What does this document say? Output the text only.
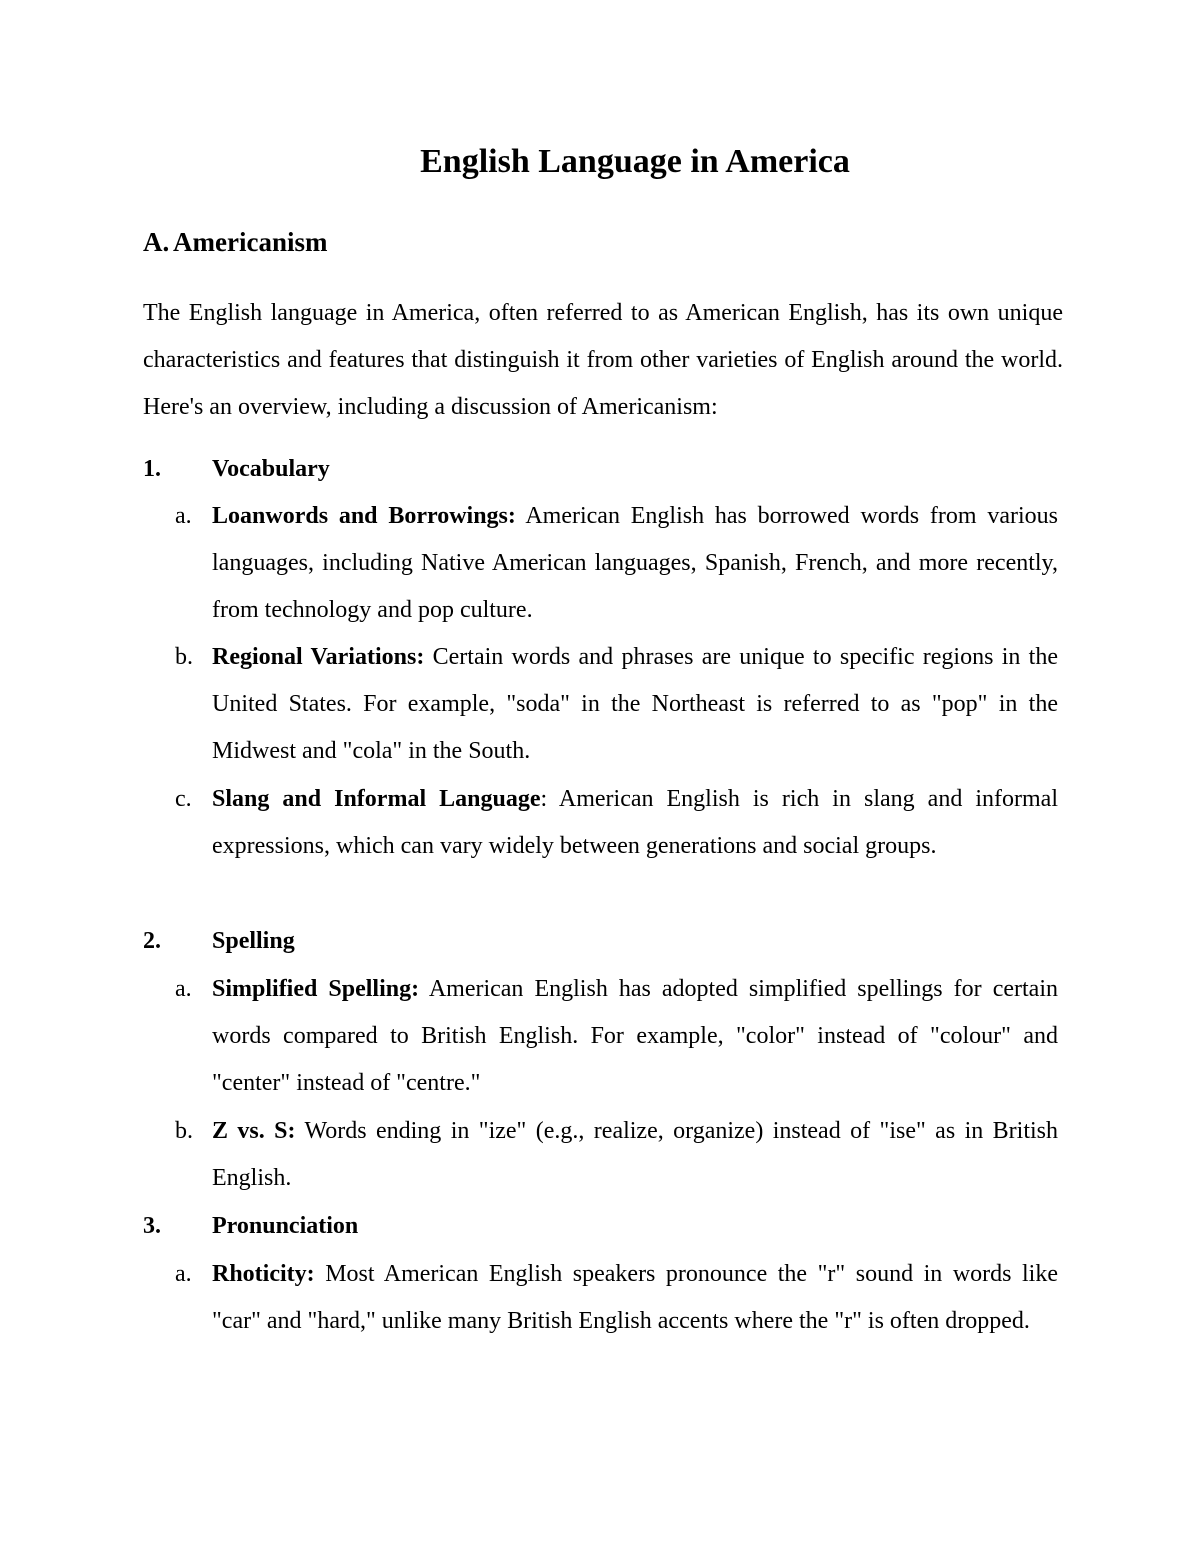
English Language in America
A. Americanism

The English language in America, often referred to as American English, has its own unique characteristics and features that distinguish it from other varieties of English around the world. Here's an overview, including a discussion of Americanism:

1.	Vocabulary
a. Loanwords and Borrowings: American English has borrowed words from various languages, including Native American languages, Spanish, French, and more recently, from technology and pop culture.
b. Regional Variations: Certain words and phrases are unique to specific regions in the United States. For example, "soda" in the Northeast is referred to as "pop" in the Midwest and "cola" in the South.
c. Slang and Informal Language: American English is rich in slang and informal expressions, which can vary widely between generations and social groups.
2.	Spelling
a. Simplified Spelling: American English has adopted simplified spellings for certain words compared to British English. For example, "color" instead of "colour" and "center" instead of "centre."
b. Z vs. S: Words ending in "ize" (e.g., realize, organize) instead of "ise" as in British English.
3.	Pronunciation
a. Rhoticity: Most American English speakers pronounce the "r" sound in words like "car" and "hard," unlike many British English accents where the "r" is often dropped.
